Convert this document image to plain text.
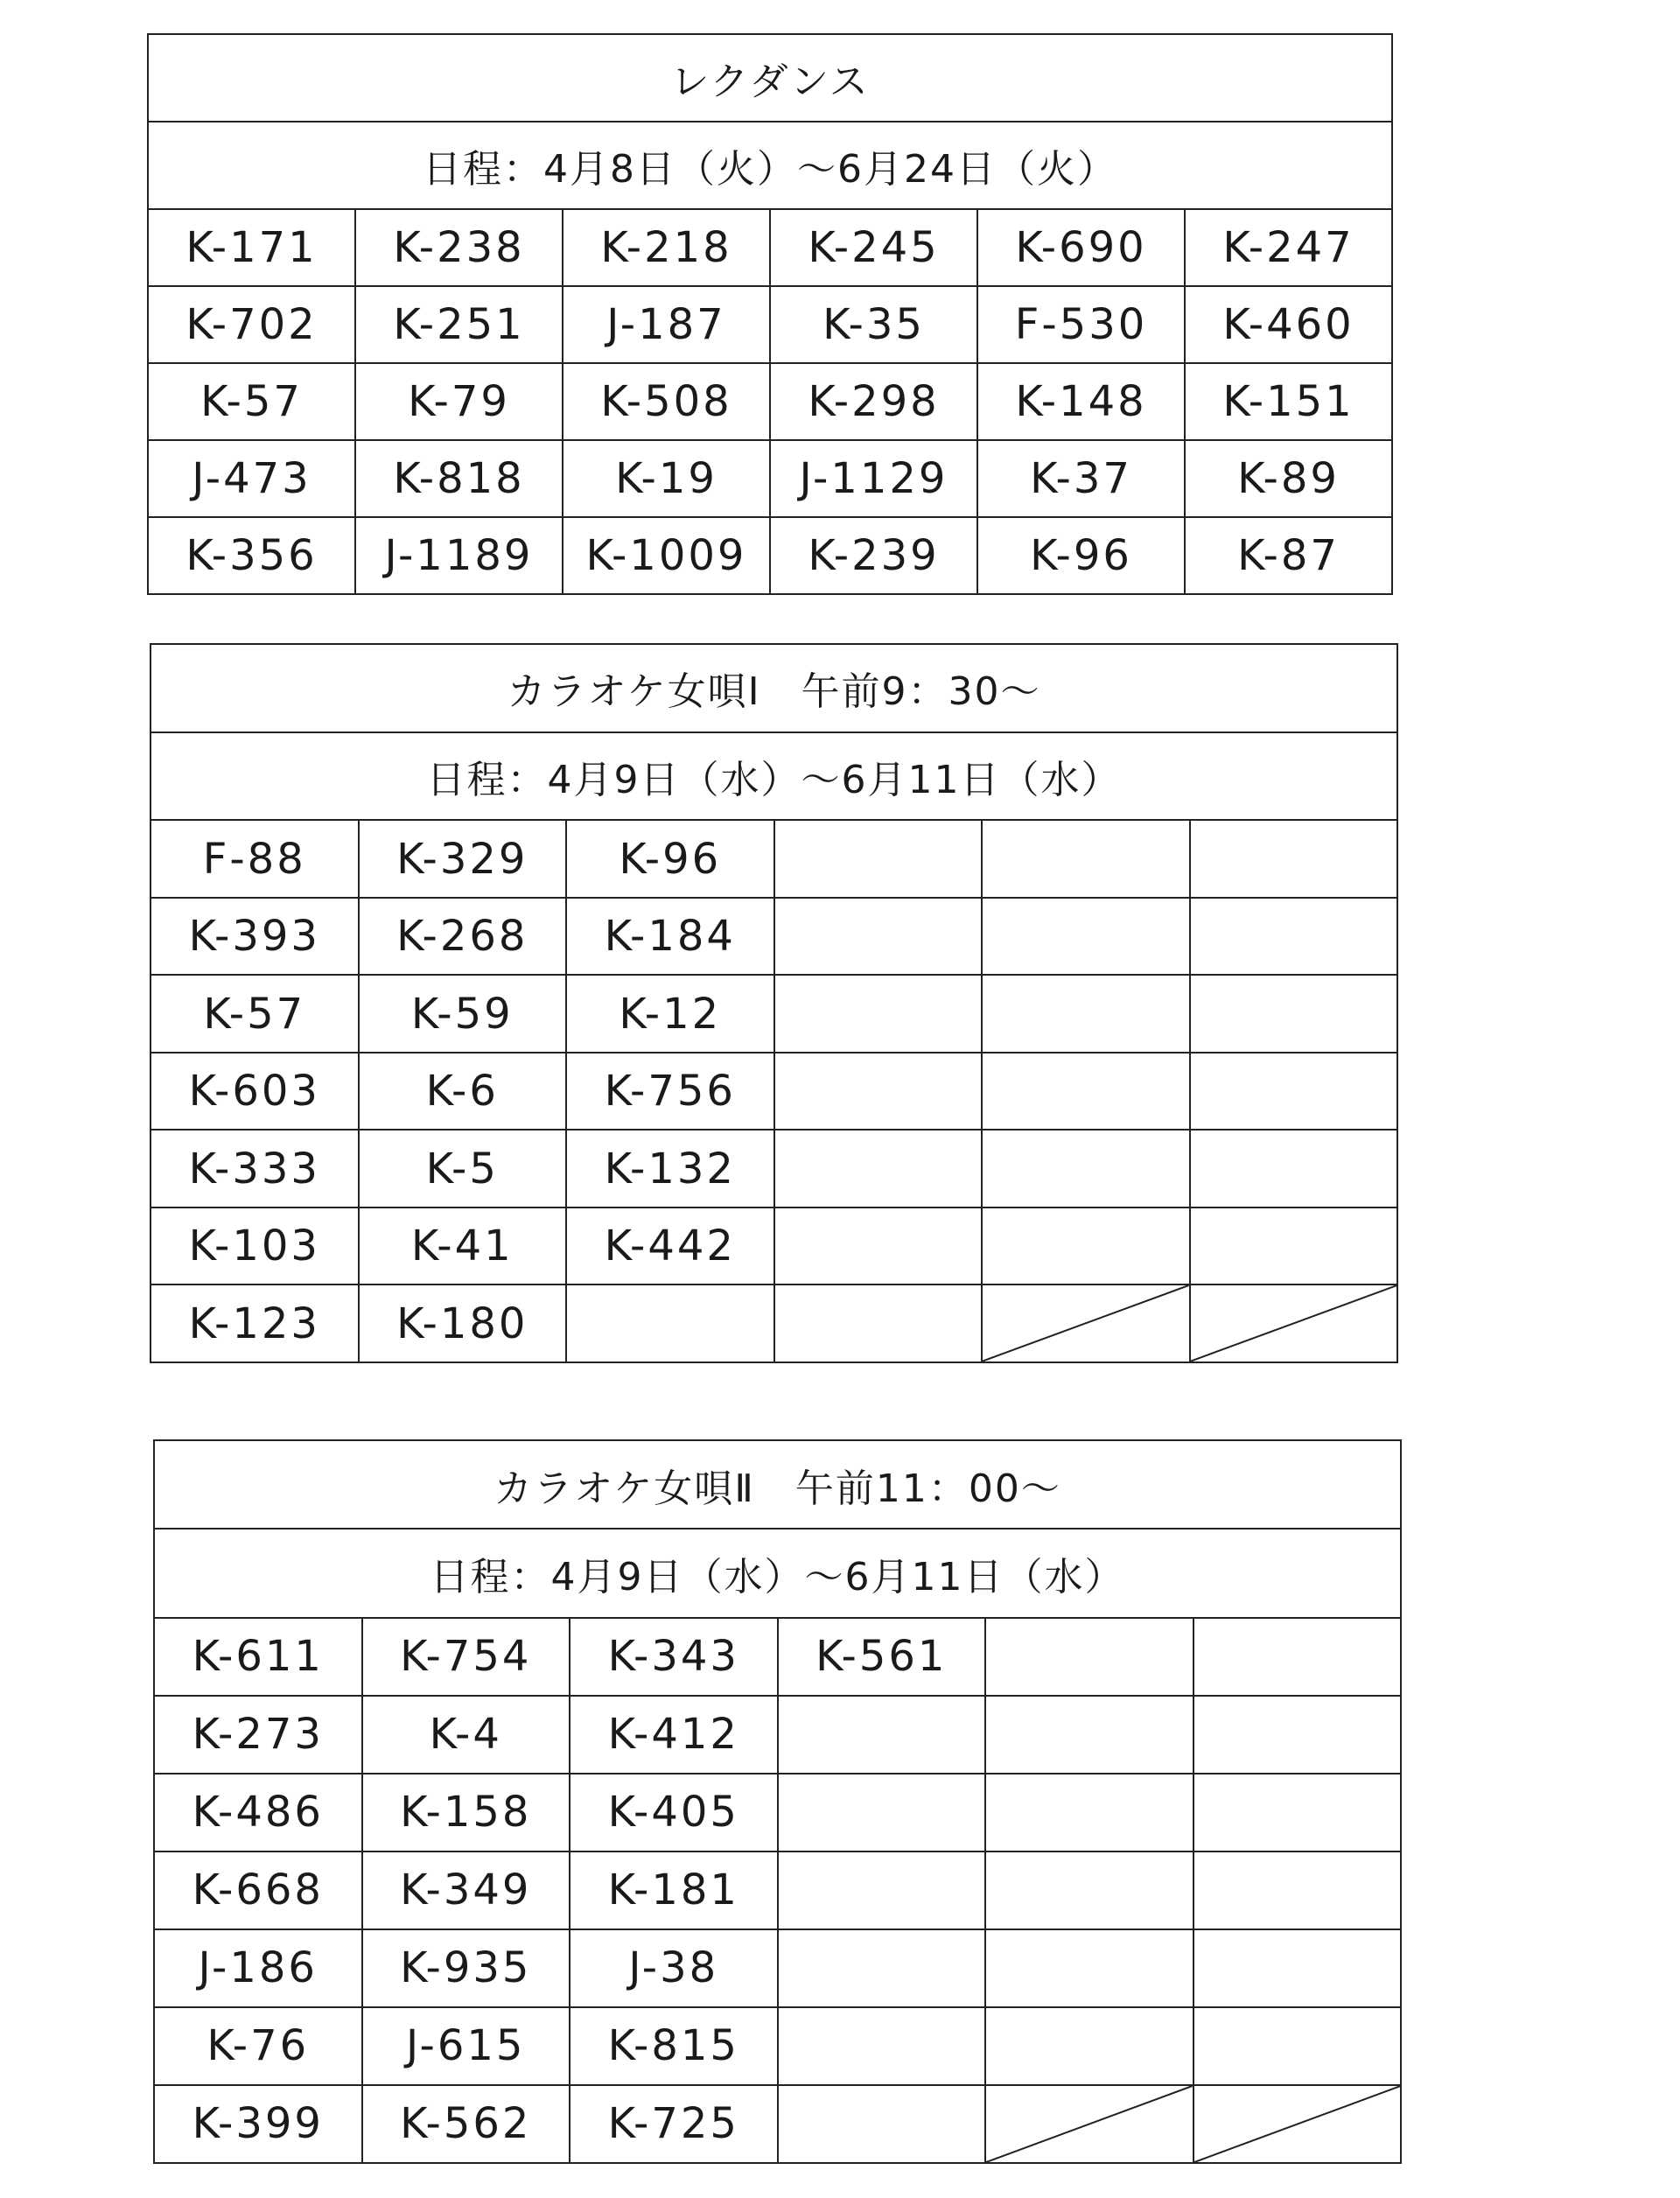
レクダンス					
日程：4月8日（火）～6月24日（火）					
K-171	K-238	K-218	K-245	K-690	K-247
K-702	K-251	J-187	K-35	F-530	K-460
K-57	K-79	K-508	K-298	K-148	K-151
J-473	K-818	K-19	J-1129	K-37	K-89
K-356	J-1189	K-1009	K-239	K-96	K-87
カラオケ女唄Ⅰ　午前9：30～					
日程：4月9日（水）～6月11日（水）					
F-88	K-329	K-96			
K-393	K-268	K-184			
K-57	K-59	K-12			
K-603	K-6	K-756			
K-333	K-5	K-132			
K-103	K-41	K-442			
K-123	K-180			

カラオケ女唄Ⅱ　午前11：00～					
日程：4月9日（水）～6月11日（水）					
K-611	K-754	K-343	K-561		
K-273	K-4	K-412			
K-486	K-158	K-405			
K-668	K-349	K-181			
J-186	K-935	J-38			
K-76	J-615	K-815			
K-399	K-562	K-725		
